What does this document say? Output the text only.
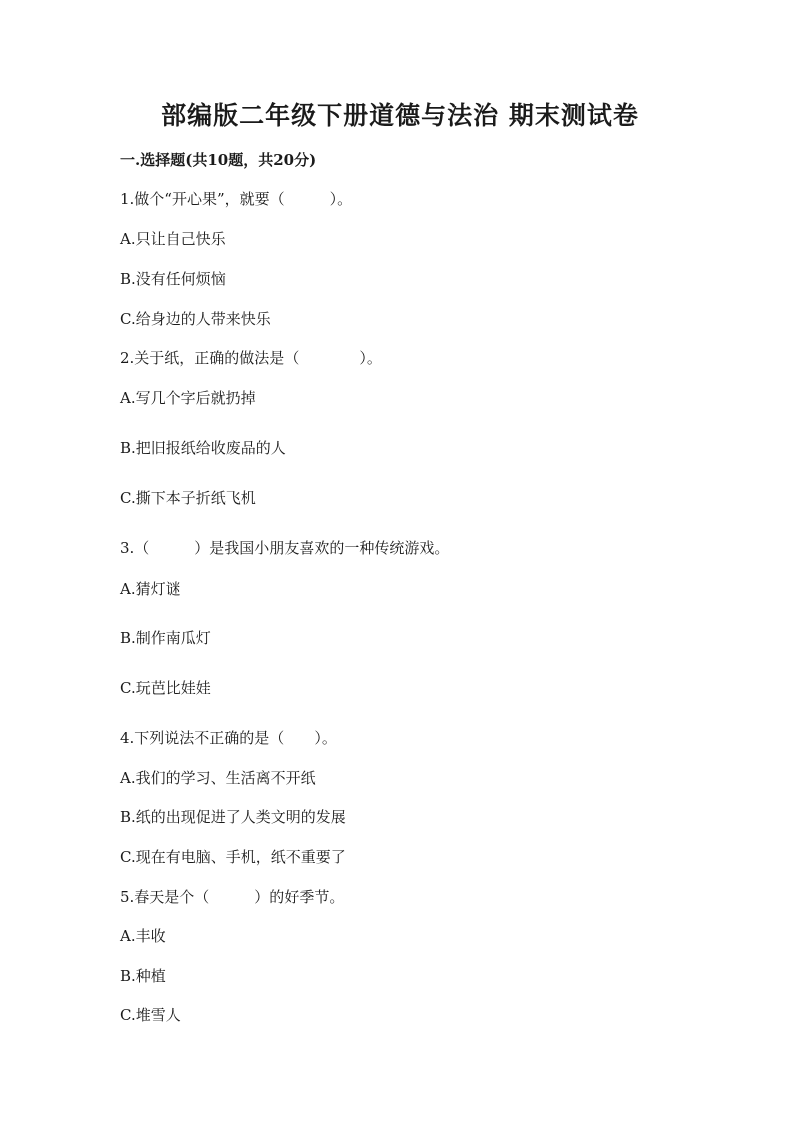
部编版二年级下册道德与法治 期末测试卷
一.选择题(共10题，共20分)
1.做个“开心果”，就要（　　　）。
A.只让自己快乐
B.没有任何烦恼
C.给身边的人带来快乐
2.关于纸，正确的做法是（　　　　）。
A.写几个字后就扔掉
B.把旧报纸给收废品的人
C.撕下本子折纸飞机
3.（　　　）是我国小朋友喜欢的一种传统游戏。
A.猜灯谜
B.制作南瓜灯
C.玩芭比娃娃
4.下列说法不正确的是（　　）。
A.我们的学习、生活离不开纸
B.纸的出现促进了人类文明的发展
C.现在有电脑、手机，纸不重要了
5.春天是个（　　　）的好季节。
A.丰收
B.种植
C.堆雪人
